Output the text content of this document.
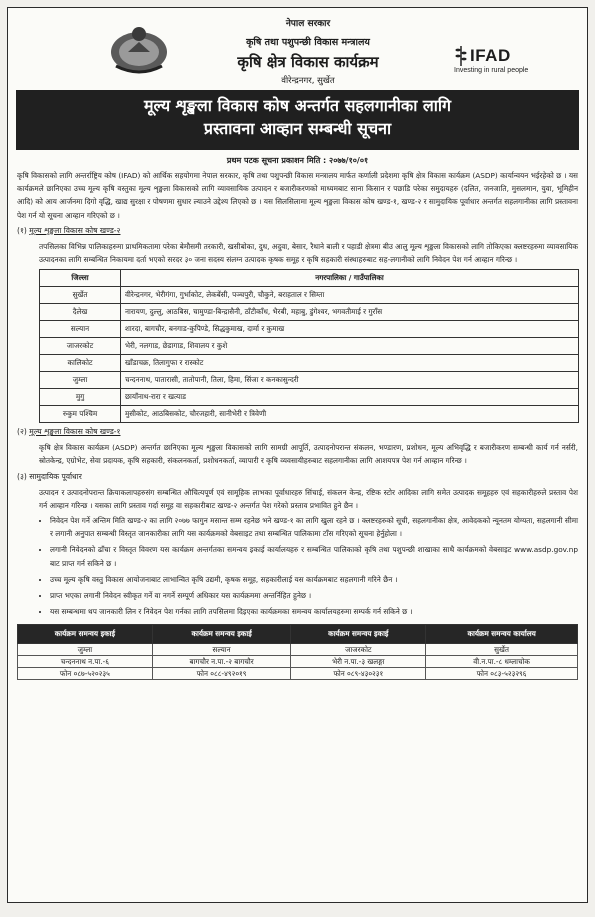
नेपाल सरकार
कृषि तथा पशुपन्छी विकास मन्त्रालय
कृषि क्षेत्र विकास कार्यक्रम
वीरेन्द्रनगर, सुर्खेत
IFAD
Investing in rural people
मूल्य शृङ्खला विकास कोष अन्तर्गत सहलगानीका लागि
प्रस्तावना आव्हान सम्बन्धी सूचना
प्रथम पटक सूचना प्रकाशन मिति : २०७७/१०/०१
कृषि विकासको लागि अन्तर्राष्ट्रिय कोष (IFAD) को आर्थिक सहयोगमा नेपाल सरकार, कृषि तथा पशुपन्छी विकास मन्त्रालय मार्फत कर्णाली प्रदेशमा कृषि क्षेत्र विकास कार्यक्रम (ASDP) कार्यान्वयन भईरहेको छ । यस कार्यक्रमले छानिएका उच्च मूल्य कृषि वस्तुका मूल्य शृङ्खला विकासको लागि व्यावसायिक उत्पादन र बजारीकरणको माध्यमबाट साना किसान र पछाडि परेका समुदायहरु (दलित, जनजाति, मुसलमान, युवा, भूमिहीन आदि) को आय आर्जनमा दिगो वृद्धि, खाद्य सुरक्षा र पोषणमा सुधार ल्याउने उद्देश्य लिएको छ । यस सिलसिलामा मूल्य शृङ्खला विकास कोष खण्ड-१, खण्ड-२ र सामुदायिक पूर्वाधार अन्तर्गत सहलगानीका लागि प्रस्तावना पेश गर्न यो सूचना आव्हान गरिएको छ ।
(१) मूल्य शृङ्खला विकास कोष खण्ड-२
तपसिलका विभिन्न पालिकाहरुमा प्राथमिकतामा परेका बेमौसमी तरकारी, खसीबोका, दुध, अदुवा, बेसार, रैथाने बाली र पहाडी क्षेत्रमा बीउ आलु मूल्य शृङ्खला विकासको लागि तोकिएका क्लष्टरहरुमा व्यावसायिक उत्पादनका लागि सम्बन्धित निकायमा दर्ता भएको सरदर ३० जना सदस्य संलग्न उत्पादक कृषक समूह र कृषि सहकारी संस्थाहरुबाट सह-लगानीको लागि निवेदन पेश गर्न आव्हान गरिन्छ ।
जिल्ला	नगरपालिका / गाउँपालिका
सुर्खेत	वीरेन्द्रनगर, भेरीगंगा, गुर्भाकोट, लेकबेंसी, पञ्चपुरी, चौकुने, बराहताल र सिम्ता
दैलेख	नारायण, दुल्लु, आठबिस, चामुण्डा-बिन्द्रासैनी, ठाँटीकाँध, भैरबी, महाबु, डुंगेश्वर, भगवतीमाई र गुराँस
सल्यान	शारदा, बागचौर, बनगाड-कुपिण्डे, सिद्धकुमाख, दार्मा र कुमाख
जाजरकोट	भेरी, नलगाड, छेडागाड, शिवालय र कुशे
कालिकोट	खाँडाचक्र, तिलागुफा र रास्कोट
जुम्ला	चन्दननाथ, पातारासी, तातोपानी, तिला, हिमा, सिंजा र कनकासुन्दरी
मुगु	छायाँनाथ-रारा र खत्याड
रुकुम पश्चिम	मुसीकोट, आठबिसकोट, चौरजहारी, सानीभेरी र त्रिवेणी
(२) मूल्य शृङ्खला विकास कोष खण्ड-१
कृषि क्षेत्र विकास कार्यक्रम (ASDP) अन्तर्गत छानिएका मूल्य शृङ्खला विकासको लागि सामग्री आपूर्ति, उत्पादनोपरान्त संकलन, भण्डारण, प्रशोधन, मूल्य अभिवृद्धि र बजारीकरण सम्बन्धी कार्य गर्न नर्सरी, स्रोतकेन्द्र, एग्रोभेट, सेवा प्रदायक, कृषि सहकारी, संकलनकर्ता, प्रशोधनकर्ता, व्यापारी र कृषि व्यवसायीहरुबाट सहलगानीका लागि आशयपत्र पेश गर्न आव्हान गरिन्छ ।
(३) सामुदायिक पूर्वाधार
उत्पादन र उत्पादनोपरान्त क्रियाकलापहरुसंग सम्बन्धित औचित्यपूर्ण एवं सामूहिक लाभका पूर्वाधारहरु सिंचाई, संकलन केन्द्र, रष्टिक स्टोर आदिका लागि समेत उत्पादक समूहहरु एवं सहकारीहरुले प्रस्ताव पेश गर्न आव्हान गरिन्छ । यसका लागि प्रस्ताव गर्दा समूह वा सहकारीबाट खण्ड-२ अन्तर्गत पेश गरेको प्रस्ताव प्रभावित हुने छैन ।
• निवेदन पेश गर्ने अन्तिम मिति खण्ड-२ का लागि २०७७ फागुन मसान्त सम्म रहनेछ भने खण्ड-१ का लागि खुला रहने छ । क्लष्टरहरुको सूची, सहलगानीका क्षेत्र, आवेदकको न्यूनतम योग्यता, सहलगानी सीमा र लगानी अनुपात सम्बन्धी विस्तृत जानकारीका लागि यस कार्यक्रमको वेबसाइट तथा सम्बन्धित पालिकामा टाँस गरिएको सूचना हेर्नुहोला ।
• लगानी निवेदनको ढाँचा र विस्तृत विवरण यस कार्यक्रम अन्तर्गतका समन्वय इकाई कार्यालयहरु र सम्बन्धित पालिकाको कृषि तथा पशुपन्छी शाखाका साथै कार्यक्रमको वेबसाइट www.asdp.gov.np बाट प्राप्त गर्न सकिने छ ।
• उच्च मूल्य कृषि वस्तु विकास आयोजनाबाट लाभान्वित कृषि उद्यमी, कृषक समूह, सहकारीलाई यस कार्यक्रमबाट सहलगानी गरिने छैन ।
• प्राप्त भएका लगानी निवेदन स्वीकृत गर्ने वा नगर्ने सम्पूर्ण अधिकार यस कार्यक्रममा अन्तर्निहित हुनेछ ।
• यस सम्बन्धमा थप जानकारी लिन र निवेदन पेश गर्नका लागि तपसिलमा दिइएका कार्यक्रमका समन्वय कार्यालयहरुमा सम्पर्क गर्न सकिने छ ।
कार्यक्रम समन्वय इकाई	कार्यक्रम समन्वय इकाई	कार्यक्रम समन्वय इकाई	कार्यक्रम समन्वय कार्यालय
जुम्ला	सल्यान	जाजरकोट	सुर्खेत
चन्दननाथ न.पा.-६	बागचौर न.पा.-२ बागचौर	भेरी न.पा.-३ खलङ्गा	वी.न.पा.-८ धम्लाचोक
फोन ०८७-५२०२३५	फोन ०८८-४९२०१९	फोन ०८९-४३०२३१	फोन ०८३-५२३२९६
